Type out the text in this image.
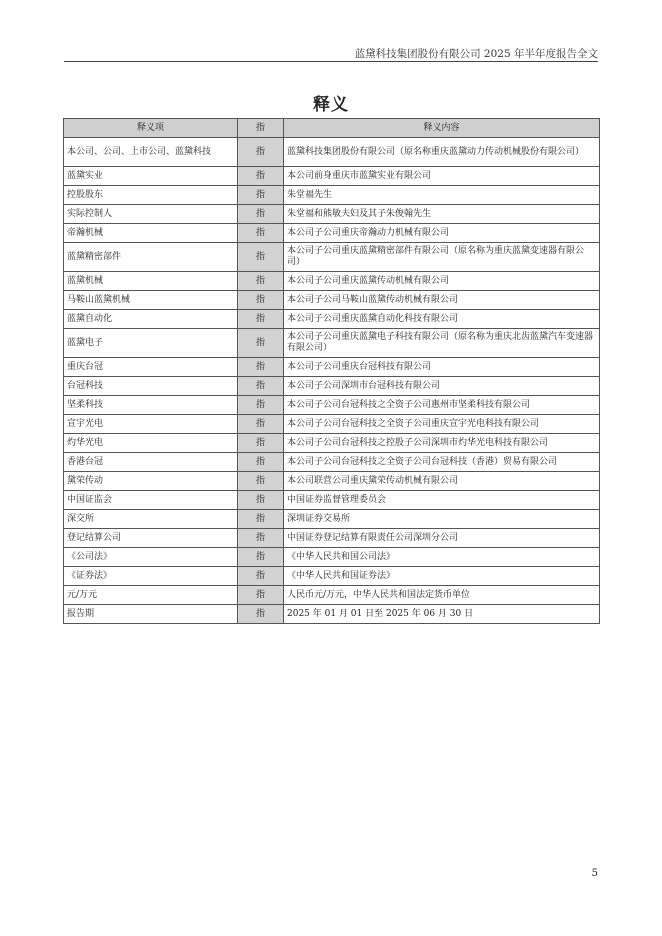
蓝黛科技集团股份有限公司 2025 年半年度报告全文
释义
释义项	指	释义内容
本公司、公司、上市公司、蓝黛科技	指	蓝黛科技集团股份有限公司（原名称重庆蓝黛动力传动机械股份有限公司）
蓝黛实业	指	本公司前身重庆市蓝黛实业有限公司
控股股东	指	朱堂福先生
实际控制人	指	朱堂福和熊敏夫妇及其子朱俊翰先生
帝瀚机械	指	本公司子公司重庆帝瀚动力机械有限公司
蓝黛精密部件	指	本公司子公司重庆蓝黛精密部件有限公司（原名称为重庆蓝黛变速器有限公司）
蓝黛机械	指	本公司子公司重庆蓝黛传动机械有限公司
马鞍山蓝黛机械	指	本公司子公司马鞍山蓝黛传动机械有限公司
蓝黛自动化	指	本公司子公司重庆蓝黛自动化科技有限公司
蓝黛电子	指	本公司子公司重庆蓝黛电子科技有限公司（原名称为重庆北齿蓝黛汽车变速器有限公司）
重庆台冠	指	本公司子公司重庆台冠科技有限公司
台冠科技	指	本公司子公司深圳市台冠科技有限公司
坚柔科技	指	本公司子公司台冠科技之全资子公司惠州市坚柔科技有限公司
宣宇光电	指	本公司子公司台冠科技之全资子公司重庆宣宇光电科技有限公司
灼华光电	指	本公司子公司台冠科技之控股子公司深圳市灼华光电科技有限公司
香港台冠	指	本公司子公司台冠科技之全资子公司台冠科技（香港）贸易有限公司
黛荣传动	指	本公司联营公司重庆黛荣传动机械有限公司
中国证监会	指	中国证券监督管理委员会
深交所	指	深圳证券交易所
登记结算公司	指	中国证券登记结算有限责任公司深圳分公司
《公司法》	指	《中华人民共和国公司法》
《证券法》	指	《中华人民共和国证券法》
元/万元	指	人民币元/万元，中华人民共和国法定货币单位
报告期	指	2025 年 01 月 01 日至 2025 年 06 月 30 日
5
